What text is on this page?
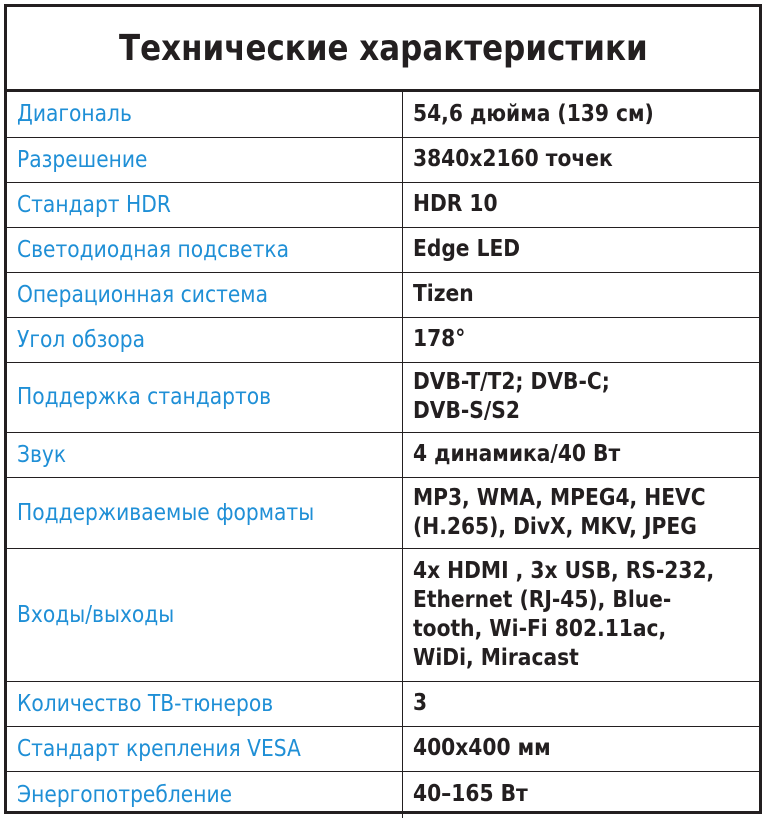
Технические характеристики
Диагональ	54,6 дюйма (139 см)
Разрешение	3840x2160 точек
Стандарт HDR	HDR 10
Светодиодная подсветка	Edge LED
Операционная система	Tizen
Угол обзора	178°
Поддержка стандартов	DVB-T/T2; DVB-C;
DVB-S/S2
Звук	4 динамика/40 Вт
Поддерживаемые форматы	MP3, WMA, MPEG4, HEVC
(H.265), DivX, MKV, JPEG
Входы/выходы	4x HDMI , 3x USB, RS-232,
Ethernet (RJ-45), Blue-
tooth, Wi-Fi 802.11ac,
WiDi, Miracast
Количество ТВ-тюнеров	3
Стандарт крепления VESA	400x400 мм
Энергопотребление	40–165 Вт
